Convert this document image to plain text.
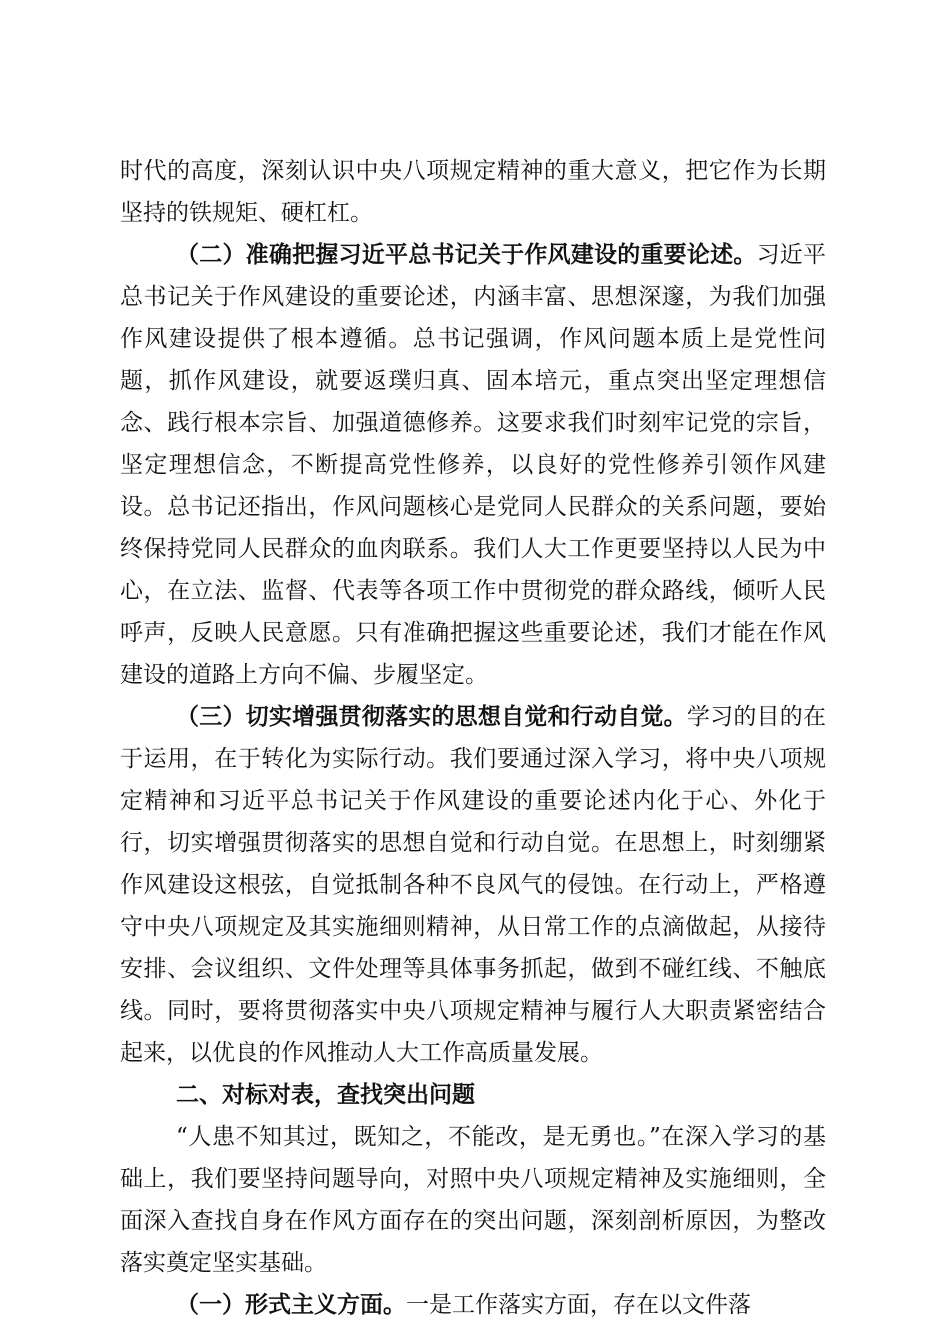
时代的高度，深刻认识中央八项规定精神的重大意义，把它作为长期坚持的铁规矩、硬杠杠。

（二）准确把握习近平总书记关于作风建设的重要论述。习近平总书记关于作风建设的重要论述，内涵丰富、思想深邃，为我们加强作风建设提供了根本遵循。总书记强调，作风问题本质上是党性问题，抓作风建设，就要返璞归真、固本培元，重点突出坚定理想信念、践行根本宗旨、加强道德修养。这要求我们时刻牢记党的宗旨，坚定理想信念，不断提高党性修养，以良好的党性修养引领作风建设。总书记还指出，作风问题核心是党同人民群众的关系问题，要始终保持党同人民群众的血肉联系。我们人大工作更要坚持以人民为中心，在立法、监督、代表等各项工作中贯彻党的群众路线，倾听人民呼声，反映人民意愿。只有准确把握这些重要论述，我们才能在作风建设的道路上方向不偏、步履坚定。

（三）切实增强贯彻落实的思想自觉和行动自觉。学习的目的在于运用，在于转化为实际行动。我们要通过深入学习，将中央八项规定精神和习近平总书记关于作风建设的重要论述内化于心、外化于行，切实增强贯彻落实的思想自觉和行动自觉。在思想上，时刻绷紧作风建设这根弦，自觉抵制各种不良风气的侵蚀。在行动上，严格遵守中央八项规定及其实施细则精神，从日常工作的点滴做起，从接待安排、会议组织、文件处理等具体事务抓起，做到不碰红线、不触底线。同时，要将贯彻落实中央八项规定精神与履行人大职责紧密结合起来，以优良的作风推动人大工作高质量发展。

二、对标对表，查找突出问题

“人患不知其过，既知之，不能改，是无勇也。”在深入学习的基础上，我们要坚持问题导向，对照中央八项规定精神及实施细则，全面深入查找自身在作风方面存在的突出问题，深刻剖析原因，为整改落实奠定坚实基础。

（一）形式主义方面。一是工作落实方面，存在以文件落
